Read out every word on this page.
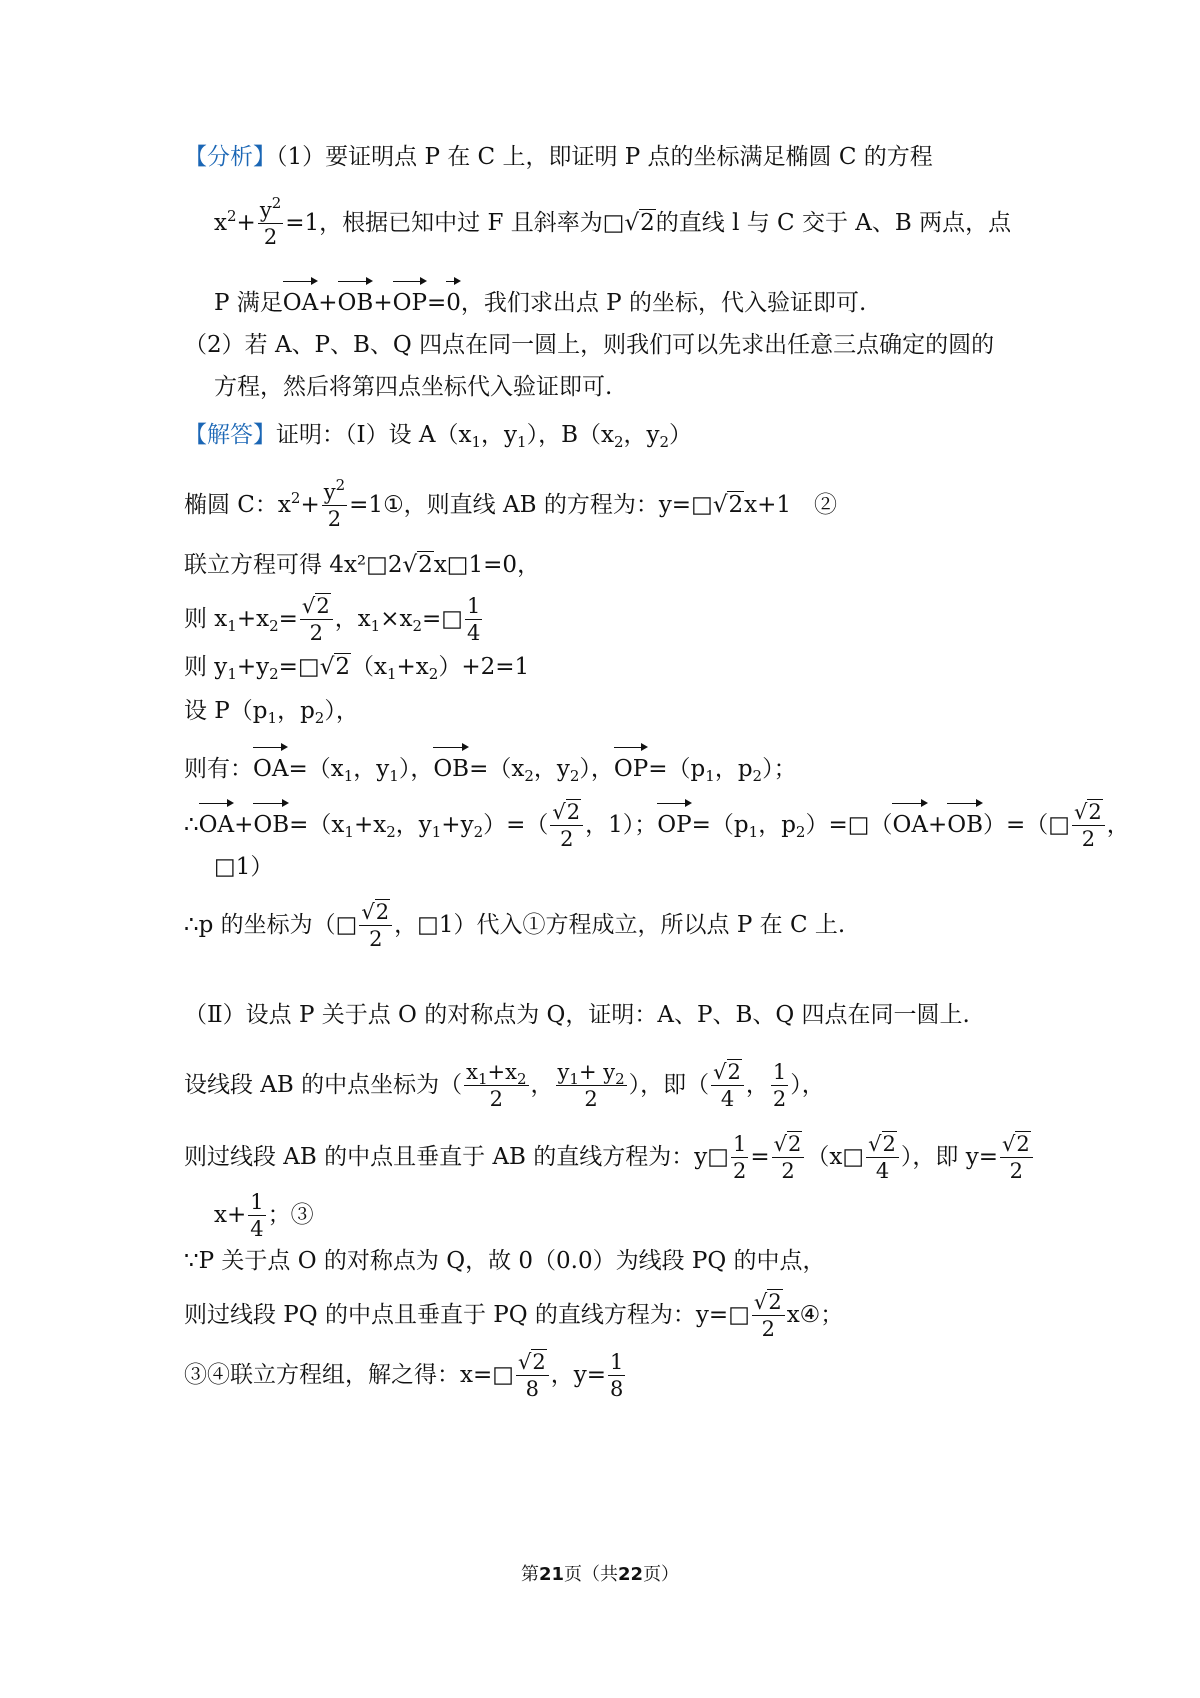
【分析】（1）要证明点 P 在 C 上，即证明 P 点的坐标满足椭圆 C 的方程
$x^2+ \frac{y^2}{2} =1$，根据已知中过 F 且斜率为□√2的直线 l 与 C 交于 A、B 两点，点
P 满足OA+OB+OP=0，我们求出点 P 的坐标，代入验证即可.
（2）若 A、P、B、Q 四点在同一圆上，则我们可以先求出任意三点确定的圆的
方程，然后将第四点坐标代入验证即可.
【解答】证明：（Ⅰ）设 $A(x_1$，$y_1$），$B(x_2$，$y_2$）
椭圆 C：$x^2+ \frac{y^2}{2}$ =1①，则直线 AB 的方程为：y=□√2x+1　②
联立方程可得 4x²□2√2x□1=0，
则 $x_1+x_2= \frac{√2}{2}$ ，$x_1\times x_2=□ \frac{1}{4}$
则 $y_1+y_2=□√2(x_1+x_2)+2=1$
设 $P(p_1$，$p_2$），
则有：$OA=(x_1$，$y_1$），$OB=(x_2$，$y_2$），$OP=(p_1$，$p_2$）；
$\therefore OA+OB=(x_1+x_2$，$y_1+y_2)=( \frac{√2}{2}$ ，1）；$OP=(p_1$，$p_2)=□(OA+OB)=(□ \frac{√2}{2}$ ，
□1）
∴p 的坐标为（□ $\frac{√2}{2}$ ，□1）代入①方程成立，所以点 P 在 C 上.
（Ⅱ）设点 P 关于点 O 的对称点为 Q，证明：A、P、B、Q 四点在同一圆上.
设线段 AB 的中点坐标为（ $\frac{x_1+x_2}{2}$ ， $\frac{y_1+ y_2}{2}$ ），即（ $\frac{√2}{4}$ ， $\frac{1}{2}$ ），
则过线段 AB 的中点且垂直于 AB 的直线方程为：y□ $\frac{1}{2} = \frac{√2}{2}$ （x□ $\frac{√2}{4}$ ），即 $y= \frac{√2}{2}$
$x+ \frac{1}{4}$ ；③
∵P 关于点 O 的对称点为 Q，故 0（0.0）为线段 PQ 的中点，
则过线段 PQ 的中点且垂直于 PQ 的直线方程为：y=□ $\frac{√2}{2}$ x④；
③④联立方程组，解之得：x=□ $\frac{√2}{8}$ ，$y= \frac{1}{8}$
第21页（共22页）
